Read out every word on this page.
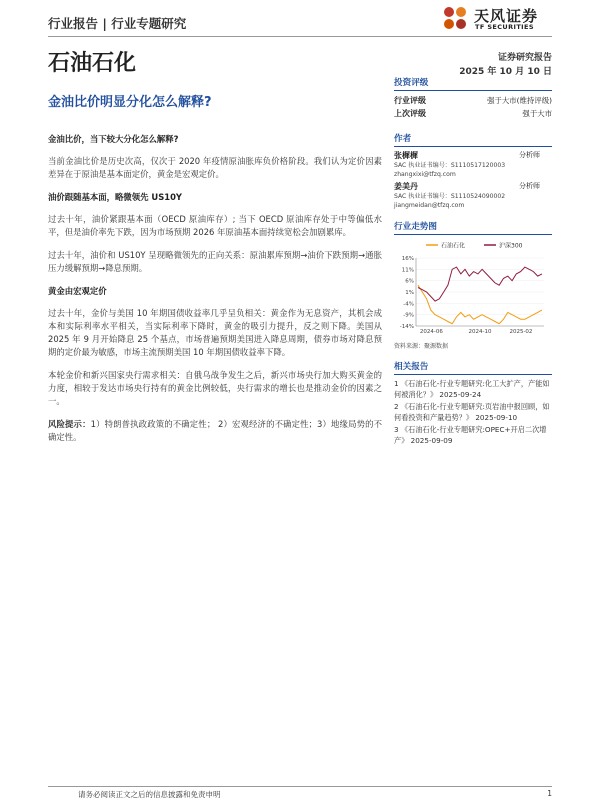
行业报告 | 行业专题研究	天风证券
TF SECURITIES
石油石化	证券研究报告
2025 年 10 月 10 日
金油比价明显分化怎么解释?

金油比价，当下较大分化怎么解释?

当前金油比价是历史次高，仅次于 2020 年疫情原油胀库负价格阶段。我们认为定价因素差异在于原油是基本面定价，黄金是宏观定价。

油价跟随基本面，略微领先 US10Y

过去十年，油价紧跟基本面（OECD 原油库存）; 当下 OECD 原油库存处于中等偏低水平，但是油价率先下跌，因为市场预期 2026 年原油基本面持续宽松会加剧累库。

过去十年，油价和 US10Y 呈现略微领先的正向关系：原油累库预期→油价下跌预期→通胀压力缓解预期→降息预期。

黄金由宏观定价

过去十年，金价与美国 10 年期国债收益率几乎呈负相关：黄金作为无息资产，其机会成本和实际利率水平相关，当实际利率下降时，黄金的吸引力提升，反之则下降。美国从 2025 年 9 月开始降息 25 个基点，市场普遍预期美国进入降息周期，债券市场对降息预期的定价最为敏感，市场主流预期美国 10 年期国债收益率下降。

本轮金价和新兴国家央行需求相关：自俄乌战争发生之后，新兴市场央行加大购买黄金的力度，相较于发达市场央行持有的黄金比例较低，央行需求的增长也是推动金价的因素之一。

风险提示：1）特朗普执政政策的不确定性； 2）宏观经济的不确定性；3）地缘局势的不确定性。

投资评级
行业评级	强于大市(维持评级)
上次评级	强于大市
作者
张樨樨	分析师
SAC 执业证书编号：S1110517120003
zhangxixi@tfzq.com
姜美丹	分析师
SAC 执业证书编号：S1110524090002
jiangmeidan@tfzq.com
行业走势图
石油石化	沪深300
16%
11%
6%
1%
-4%
-9%
-14%
2024-06	2024-10	2025-02
资料来源：聚源数据
相关报告
1 《石油石化-行业专题研究:化工大扩产，产能如何被消化？》 2025-09-24
2 《石油石化-行业专题研究:页岩油中报回顾，如何看投资和产量趋势？》 2025-09-10
3 《石油石化-行业专题研究:OPEC+开启二次增产》 2025-09-09
请务必阅读正文之后的信息披露和免责申明	1
